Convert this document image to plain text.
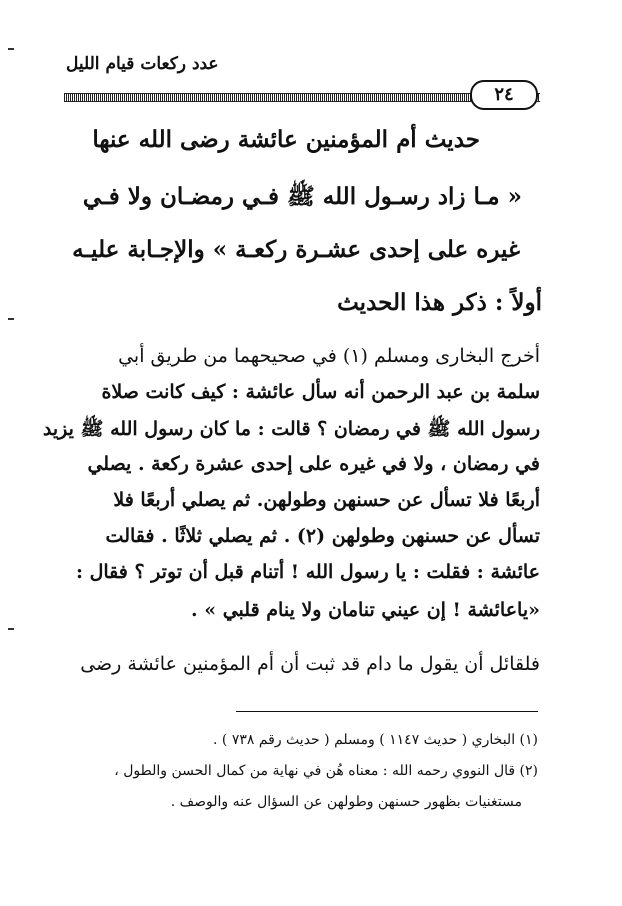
عدد ركعات قيام الليل
٢٤
حديث أم المؤمنين عائشة رضى الله عنها
« مـا زاد رسـول الله ﷺ فـي رمضـان ولا فـي
غيره على إحدى عشـرة ركعـة » والإجـابة عليـه
أولاً : ذكر هذا الحديث
أخرج البخارى ومسلم (١) في صحيحهما من طريق أبي
سلمة بن عبد الرحمن أنه سأل عائشة : كيف كانت صلاة
رسول الله ﷺ في رمضان ؟ قالت : ما كان رسول الله ﷺ يزيد
في رمضان ، ولا في غيره على إحدى عشرة ركعة . يصلي
أربعًا فلا تسأل عن حسنهن وطولهن. ثم يصلي أربعًا فلا
تسأل عن حسنهن وطولهن (٢) . ثم يصلي ثلاثًا . فقالت
عائشة : فقلت : يا رسول الله ! أتنام قبل أن توتر ؟ فقال :
«ياعائشة ! إن عيني تنامان ولا ينام قلبي » .
فلقائل أن يقول ما دام قد ثبت أن أم المؤمنين عائشة رضى
(١) البخاري ( حديث ١١٤٧ ) ومسلم ( حديث رقم ٧٣٨ ) .
(٢) قال النووي رحمه الله : معناه هُن في نهاية من كمال الحسن والطول ،
مستغنيات بظهور حسنهن وطولهن عن السؤال عنه والوصف .
